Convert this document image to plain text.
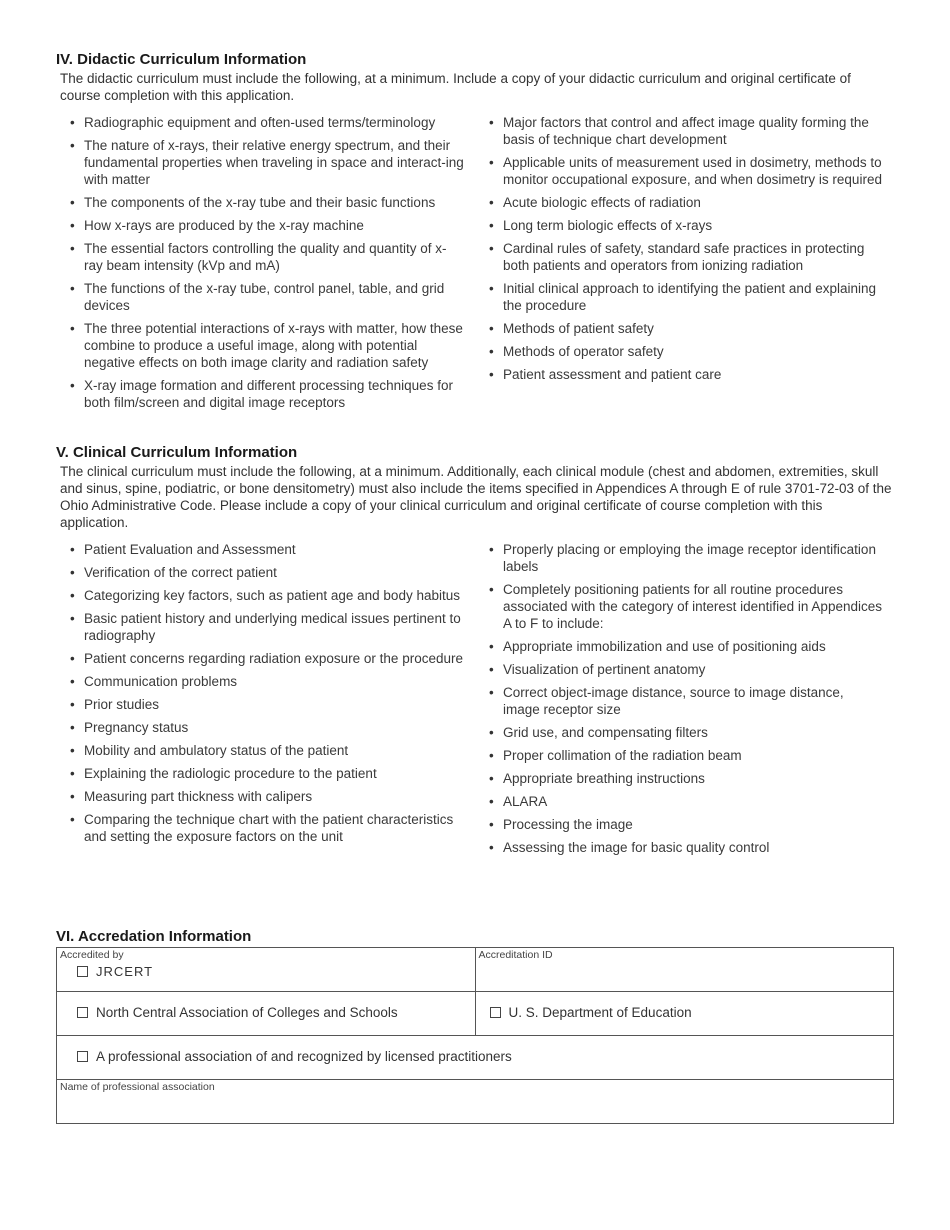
IV. Didactic Curriculum Information

The didactic curriculum must include the following, at a minimum. Include a copy of your didactic curriculum and original certificate of course completion with this application.

• Radiographic equipment and often-used terms/terminology
• The nature of x-rays, their relative energy spectrum, and their fundamental properties when traveling in space and interact-ing with matter
• The components of the x-ray tube and their basic functions
• How x-rays are produced by the x-ray machine
• The essential factors controlling the quality and quantity of x-ray beam intensity (kVp and mA)
• The functions of the x-ray tube, control panel, table, and grid devices
• The three potential interactions of x-rays with matter, how these combine to produce a useful image, along with potential negative effects on both image clarity and radiation safety
• X-ray image formation and different processing techniques for both film/screen and digital image receptors
• Major factors that control and affect image quality forming the basis of technique chart development
• Applicable units of measurement used in dosimetry, methods to monitor occupational exposure, and when dosimetry is required
• Acute biologic effects of radiation
• Long term biologic effects of x-rays
• Cardinal rules of safety, standard safe practices in protecting both patients and operators from ionizing radiation
• Initial clinical approach to identifying the patient and explaining the procedure
• Methods of patient safety
• Methods of operator safety
• Patient assessment and patient care
V. Clinical Curriculum Information

The clinical curriculum must include the following, at a minimum. Additionally, each clinical module (chest and abdomen, extremities, skull and sinus, spine, podiatric, or bone densitometry) must also include the items specified in Appendices A through E of rule 3701-72-03 of the Ohio Administrative Code. Please include a copy of your clinical curriculum and original certificate of course completion with this application.

• Patient Evaluation and Assessment
• Verification of the correct patient
• Categorizing key factors, such as patient age and body habitus
• Basic patient history and underlying medical issues pertinent to radiography
• Patient concerns regarding radiation exposure or the procedure
• Communication problems
• Prior studies
• Pregnancy status
• Mobility and ambulatory status of the patient
• Explaining the radiologic procedure to the patient
• Measuring part thickness with calipers
• Comparing the technique chart with the patient characteristics and setting the exposure factors on the unit
• Properly placing or employing the image receptor identification labels
• Completely positioning patients for all routine procedures associated with the category of interest identified in Appendices A to F to include:
• Appropriate immobilization and use of positioning aids
• Visualization of pertinent anatomy
• Correct object-image distance, source to image distance, image receptor size
• Grid use, and compensating filters
• Proper collimation of the radiation beam
• Appropriate breathing instructions
• ALARA
• Processing the image
• Assessing the image for basic quality control
VI. Accredation Information
Accredited by
JRCERT	Accreditation ID

North Central Association of Colleges and Schools	U. S. Department of Education

A professional association of and recognized by licensed practitioners	

Name of professional association	
